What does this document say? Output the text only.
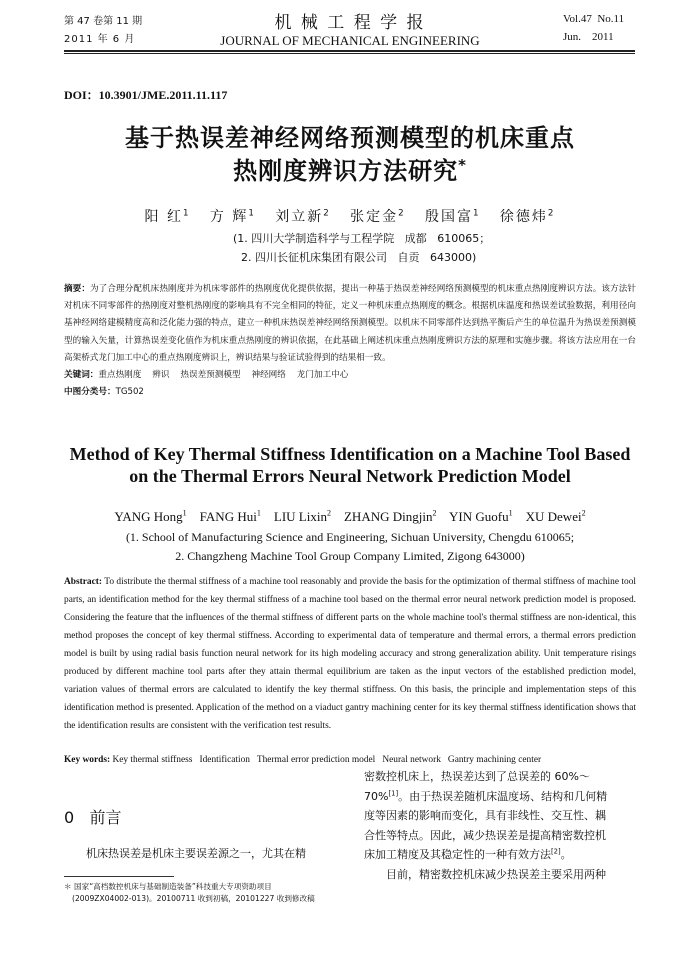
第 47 卷第 11 期
2011 年 6 月
机 械 工 程 学 报
JOURNAL OF MECHANICAL ENGINEERING
Vol.47  No.11
Jun.    2011
DOI：10.3901/JME.2011.11.117
基于热误差神经网络预测模型的机床重点
热刚度辨识方法研究*
阳 红$^1$ 方 辉$^1$ 刘立新$^2$ 张定金$^2$ 殷国富$^1$ 徐德炜$^2$
(1. 四川大学制造科学与工程学院   成都   610065；
2. 四川长征机床集团有限公司   自贡   643000)
摘要：为了合理分配机床热刚度并为机床零部件的热刚度优化提供依据，提出一种基于热误差神经网络预测模型的机床重点热刚度辨识方法。该方法针对机床不同零部件的热刚度对整机热刚度的影响具有不完全相同的特征，定义一种机床重点热刚度的概念。根据机床温度和热误差试验数据，利用径向基神经网络建模精度高和泛化能力强的特点，建立一种机床热误差神经网络预测模型。以机床不同零部件达到热平衡后产生的单位温升为热误差预测模型的输入矢量，计算热误差变化值作为机床重点热刚度的辨识依据，在此基础上阐述机床重点热刚度辨识方法的原理和实施步骤。将该方法应用在一台高架桥式龙门加工中心的重点热刚度辨识上，辨识结果与验证试验得到的结果相一致。
关键词：重点热刚度    辨识    热误差预测模型    神经网络    龙门加工中心
中图分类号：TG502
Method of Key Thermal Stiffness Identification on a Machine Tool Based
on the Thermal Errors Neural Network Prediction Model
YANG Hong$^1$ FANG Hui$^1$ LIU Lixin$^2$ ZHANG Dingjin$^2$ YIN Guofu$^1$ XU Dewei$^2$
(1. School of Manufacturing Science and Engineering, Sichuan University, Chengdu 610065;
2. Changzheng Machine Tool Group Company Limited, Zigong 643000)
Abstract: To distribute the thermal stiffness of a machine tool reasonably and provide the basis for the optimization of thermal stiffness of machine tool parts, an identification method for the key thermal stiffness of a machine tool based on the thermal error neural network prediction model is proposed. Considering the feature that the influences of the thermal stiffness of different parts on the whole machine tool's thermal stiffness are non-identical, this method proposes the concept of key thermal stiffness. According to experimental data of temperature and thermal errors, a thermal errors prediction model is built by using radial basis function neural network for its high modeling accuracy and strong generalization ability. Unit temperature risings produced by different machine tool parts after they attain thermal equilibrium are taken as the input vectors of the established prediction model, variation values of thermal errors are calculated to identify the key thermal stiffness. On this basis, the principle and implementation steps of this identification method is presented. Application of the method on a viaduct gantry machining center for its key thermal stiffness identification shows that the identification results are consistent with the verification test results.
Key words: Key thermal stiffness   Identification   Thermal error prediction model   Neural network   Gantry machining center
0 前言
机床热误差是机床主要误差源之一，尤其在精
＊ 国家“高档数控机床与基础制造装备”科技重大专项资助项目
(2009ZX04002-013)。20100711 收到初稿，20101227 收到修改稿
密数控机床上，热误差达到了总误差的 60%～
70%[1]。由于热误差随机床温度场、结构和几何精
度等因素的影响而变化，具有非线性、交互性、耦
合性等特点。因此，减少热误差是提高精密数控机
床加工精度及其稳定性的一种有效方法[2]。
目前，精密数控机床减少热误差主要采用两种
